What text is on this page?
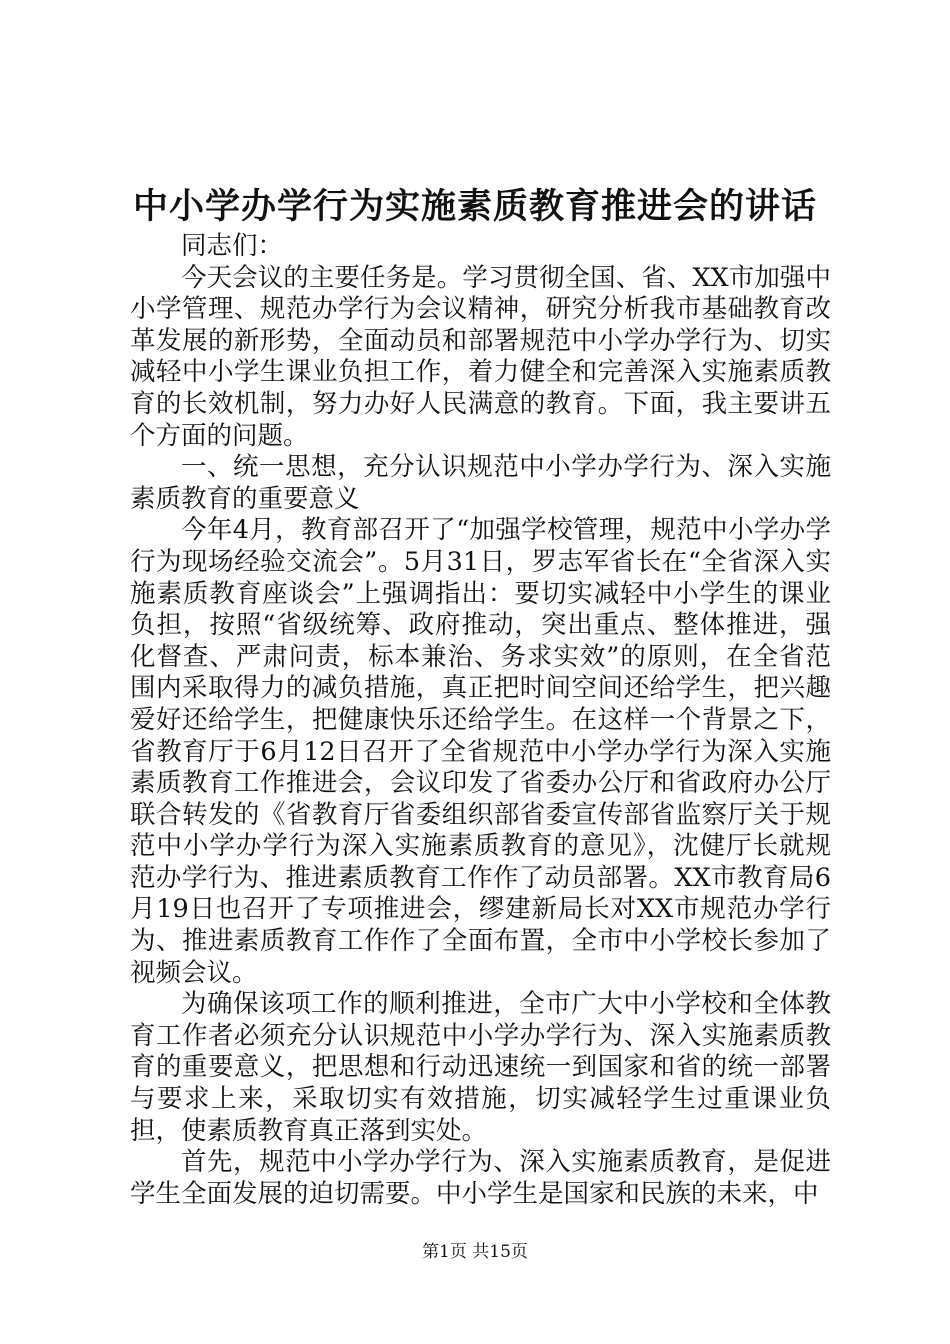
中小学办学行为实施素质教育推进会的讲话

同志们：

今天会议的主要任务是。学习贯彻全国、省、XX市加强中小学管理、规范办学行为会议精神，研究分析我市基础教育改革发展的新形势，全面动员和部署规范中小学办学行为、切实减轻中小学生课业负担工作，着力健全和完善深入实施素质教育的长效机制，努力办好人民满意的教育。下面，我主要讲五个方面的问题。

一、统一思想，充分认识规范中小学办学行为、深入实施素质教育的重要意义

今年4月，教育部召开了“加强学校管理，规范中小学办学行为现场经验交流会”。5月31日，罗志军省长在“全省深入实施素质教育座谈会”上强调指出：要切实减轻中小学生的课业负担，按照“省级统筹、政府推动，突出重点、整体推进，强化督查、严肃问责，标本兼治、务求实效”的原则，在全省范围内采取得力的减负措施，真正把时间空间还给学生，把兴趣爱好还给学生，把健康快乐还给学生。在这样一个背景之下，省教育厅于6月12日召开了全省规范中小学办学行为深入实施素质教育工作推进会，会议印发了省委办公厅和省政府办公厅联合转发的《省教育厅省委组织部省委宣传部省监察厅关于规范中小学办学行为深入实施素质教育的意见》，沈健厅长就规范办学行为、推进素质教育工作作了动员部署。XX市教育局6月19日也召开了专项推进会，缪建新局长对XX市规范办学行为、推进素质教育工作作了全面布置，全市中小学校长参加了视频会议。

为确保该项工作的顺利推进，全市广大中小学校和全体教育工作者必须充分认识规范中小学办学行为、深入实施素质教育的重要意义，把思想和行动迅速统一到国家和省的统一部署与要求上来，采取切实有效措施，切实减轻学生过重课业负担，使素质教育真正落到实处。

首先，规范中小学办学行为、深入实施素质教育，是促进学生全面发展的迫切需要。中小学生是国家和民族的未来，中

第1页 共15页
